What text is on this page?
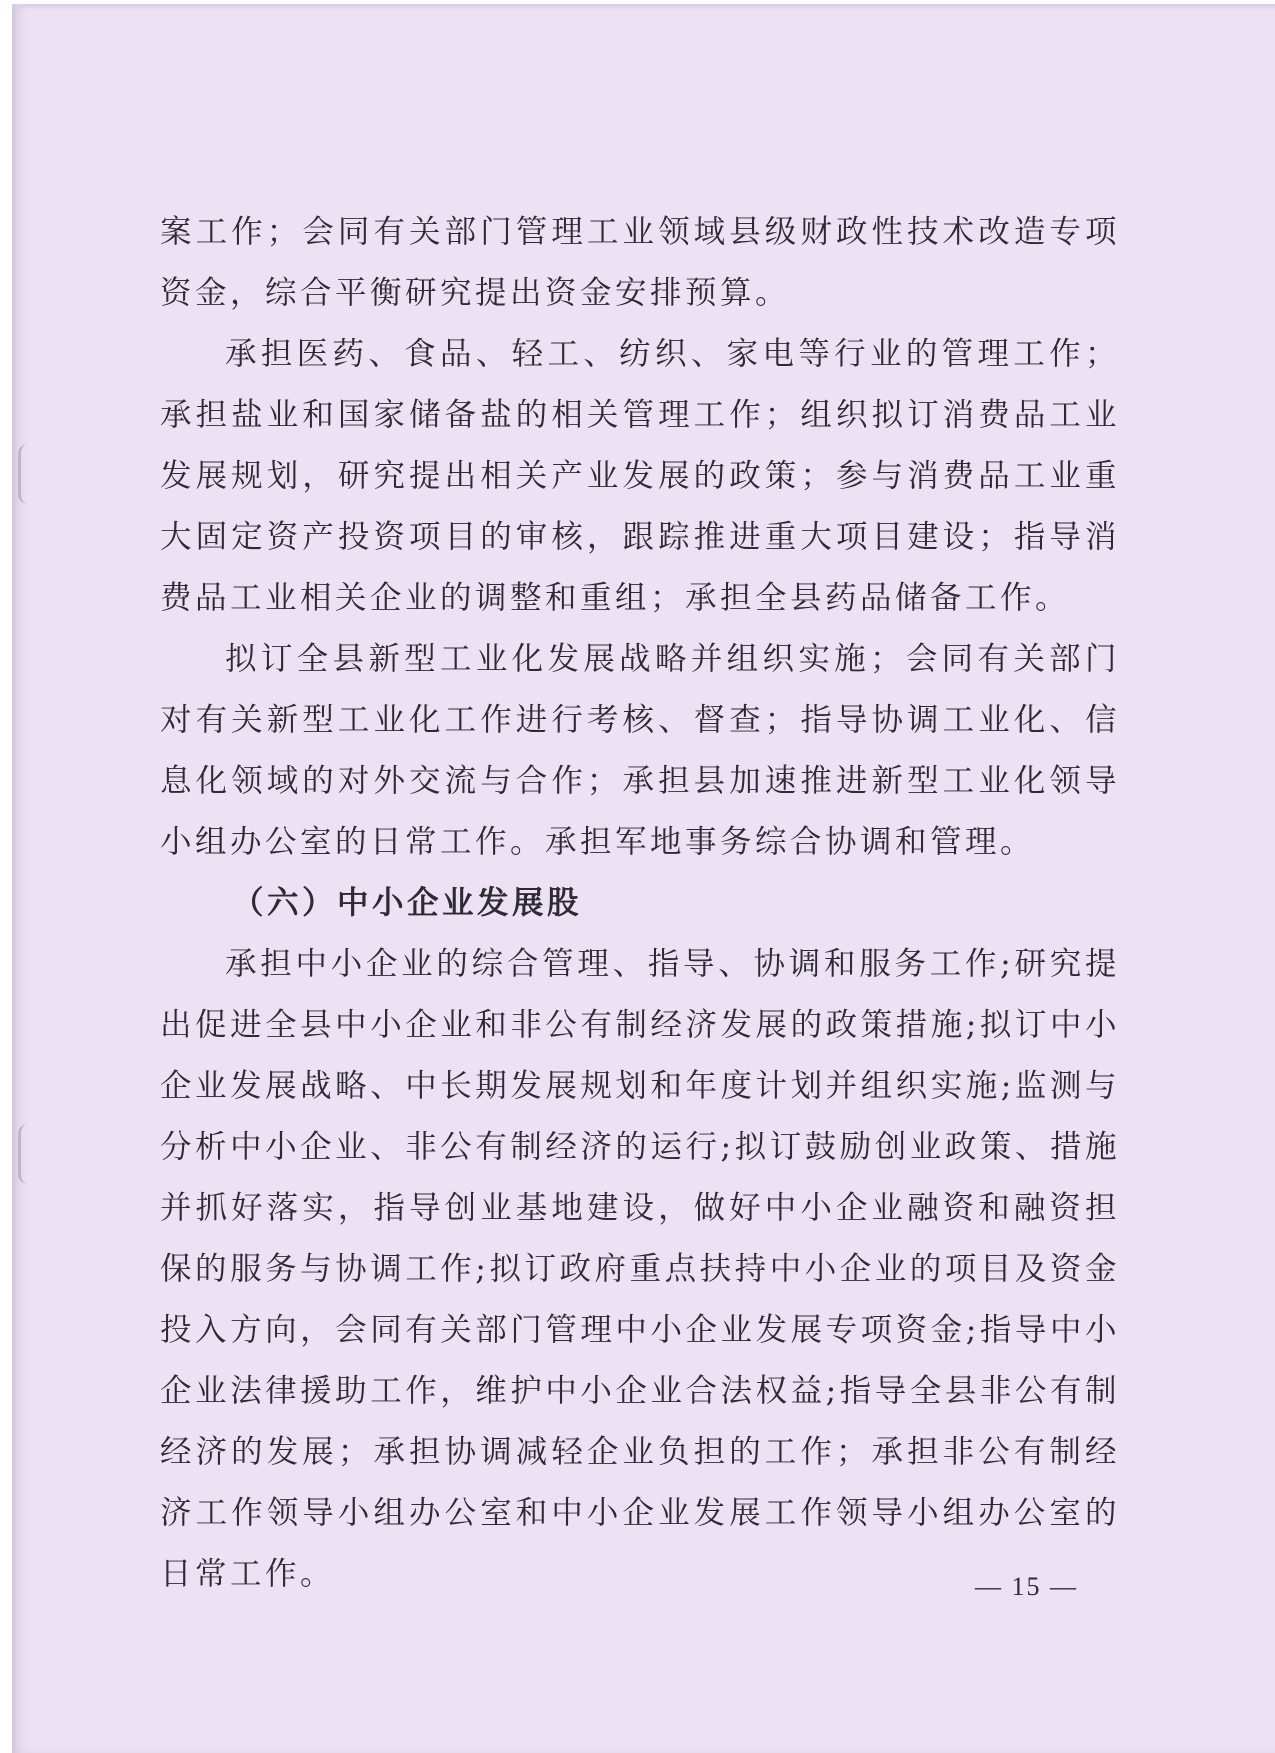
案工作；会同有关部门管理工业领域县级财政性技术改造专项资金，综合平衡研究提出资金安排预算。

承担医药、食品、轻工、纺织、家电等行业的管理工作；承担盐业和国家储备盐的相关管理工作；组织拟订消费品工业发展规划，研究提出相关产业发展的政策；参与消费品工业重大固定资产投资项目的审核，跟踪推进重大项目建设；指导消费品工业相关企业的调整和重组；承担全县药品储备工作。

拟订全县新型工业化发展战略并组织实施；会同有关部门对有关新型工业化工作进行考核、督查；指导协调工业化、信息化领域的对外交流与合作；承担县加速推进新型工业化领导小组办公室的日常工作。承担军地事务综合协调和管理。

（六）中小企业发展股

承担中小企业的综合管理、指导、协调和服务工作;研究提出促进全县中小企业和非公有制经济发展的政策措施;拟订中小企业发展战略、中长期发展规划和年度计划并组织实施;监测与分析中小企业、非公有制经济的运行;拟订鼓励创业政策、措施并抓好落实，指导创业基地建设，做好中小企业融资和融资担保的服务与协调工作;拟订政府重点扶持中小企业的项目及资金投入方向，会同有关部门管理中小企业发展专项资金;指导中小企业法律援助工作，维护中小企业合法权益;指导全县非公有制经济的发展；承担协调减轻企业负担的工作；承担非公有制经济工作领导小组办公室和中小企业发展工作领导小组办公室的日常工作。	— 15 —
